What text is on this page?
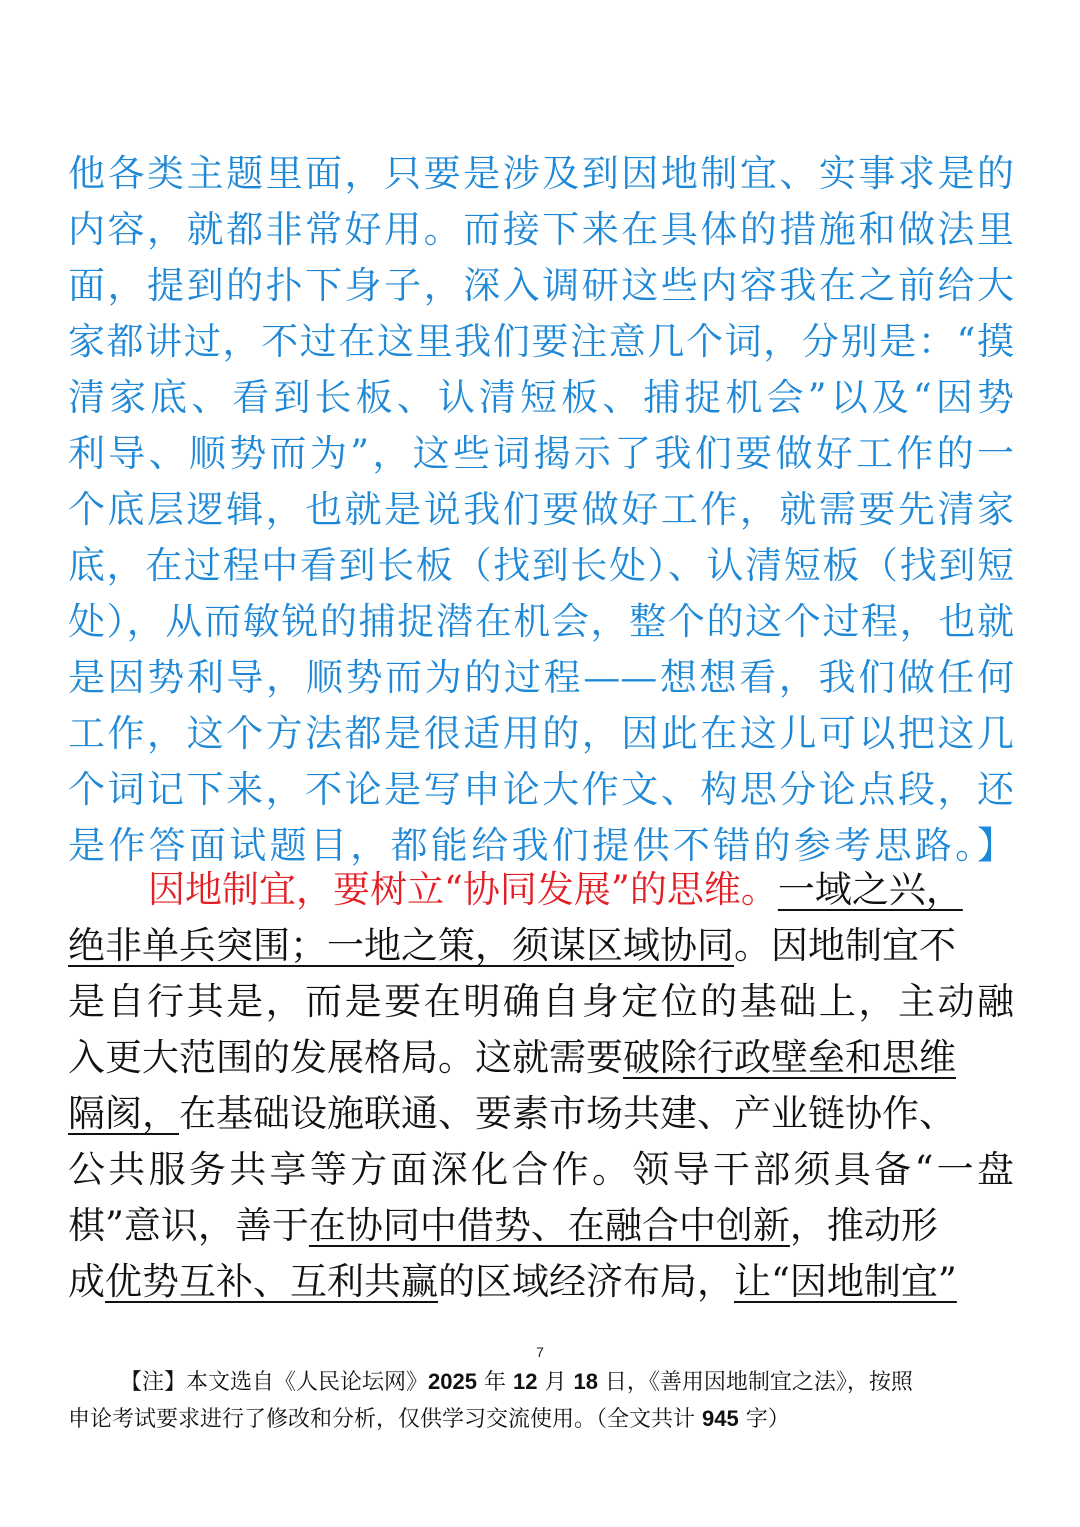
他各类主题里面，只要是涉及到因地制宜、实事求是的
内容，就都非常好用。而接下来在具体的措施和做法里
面，提到的扑下身子，深入调研这些内容我在之前给大
家都讲过，不过在这里我们要注意几个词，分别是：“摸
清家底、看到长板、认清短板、捕捉机会”以及“因势
利导、顺势而为”，这些词揭示了我们要做好工作的一
个底层逻辑，也就是说我们要做好工作，就需要先清家
底，在过程中看到长板（找到长处）、认清短板（找到短
处），从而敏锐的捕捉潜在机会，整个的这个过程，也就
是因势利导，顺势而为的过程——想想看，我们做任何
工作，这个方法都是很适用的，因此在这儿可以把这几
个词记下来，不论是写申论大作文、构思分论点段，还
是作答面试题目，都能给我们提供不错的参考思路。】
因地制宜，要树立“协同发展”的思维。一域之兴，
绝非单兵突围；一地之策，须谋区域协同。因地制宜不
是自行其是，而是要在明确自身定位的基础上，主动融
入更大范围的发展格局。这就需要破除行政壁垒和思维
隔阂，在基础设施联通、要素市场共建、产业链协作、
公共服务共享等方面深化合作。领导干部须具备“一盘
棋”意识，善于在协同中借势、在融合中创新，推动形
成优势互补、互利共赢的区域经济布局，让“因地制宜”
7
【注】本文选自《人民论坛网》2025 年 12 月 18 日，《善用因地制宜之法》，按照
申论考试要求进行了修改和分析，仅供学习交流使用。（全文共计 945 字）
